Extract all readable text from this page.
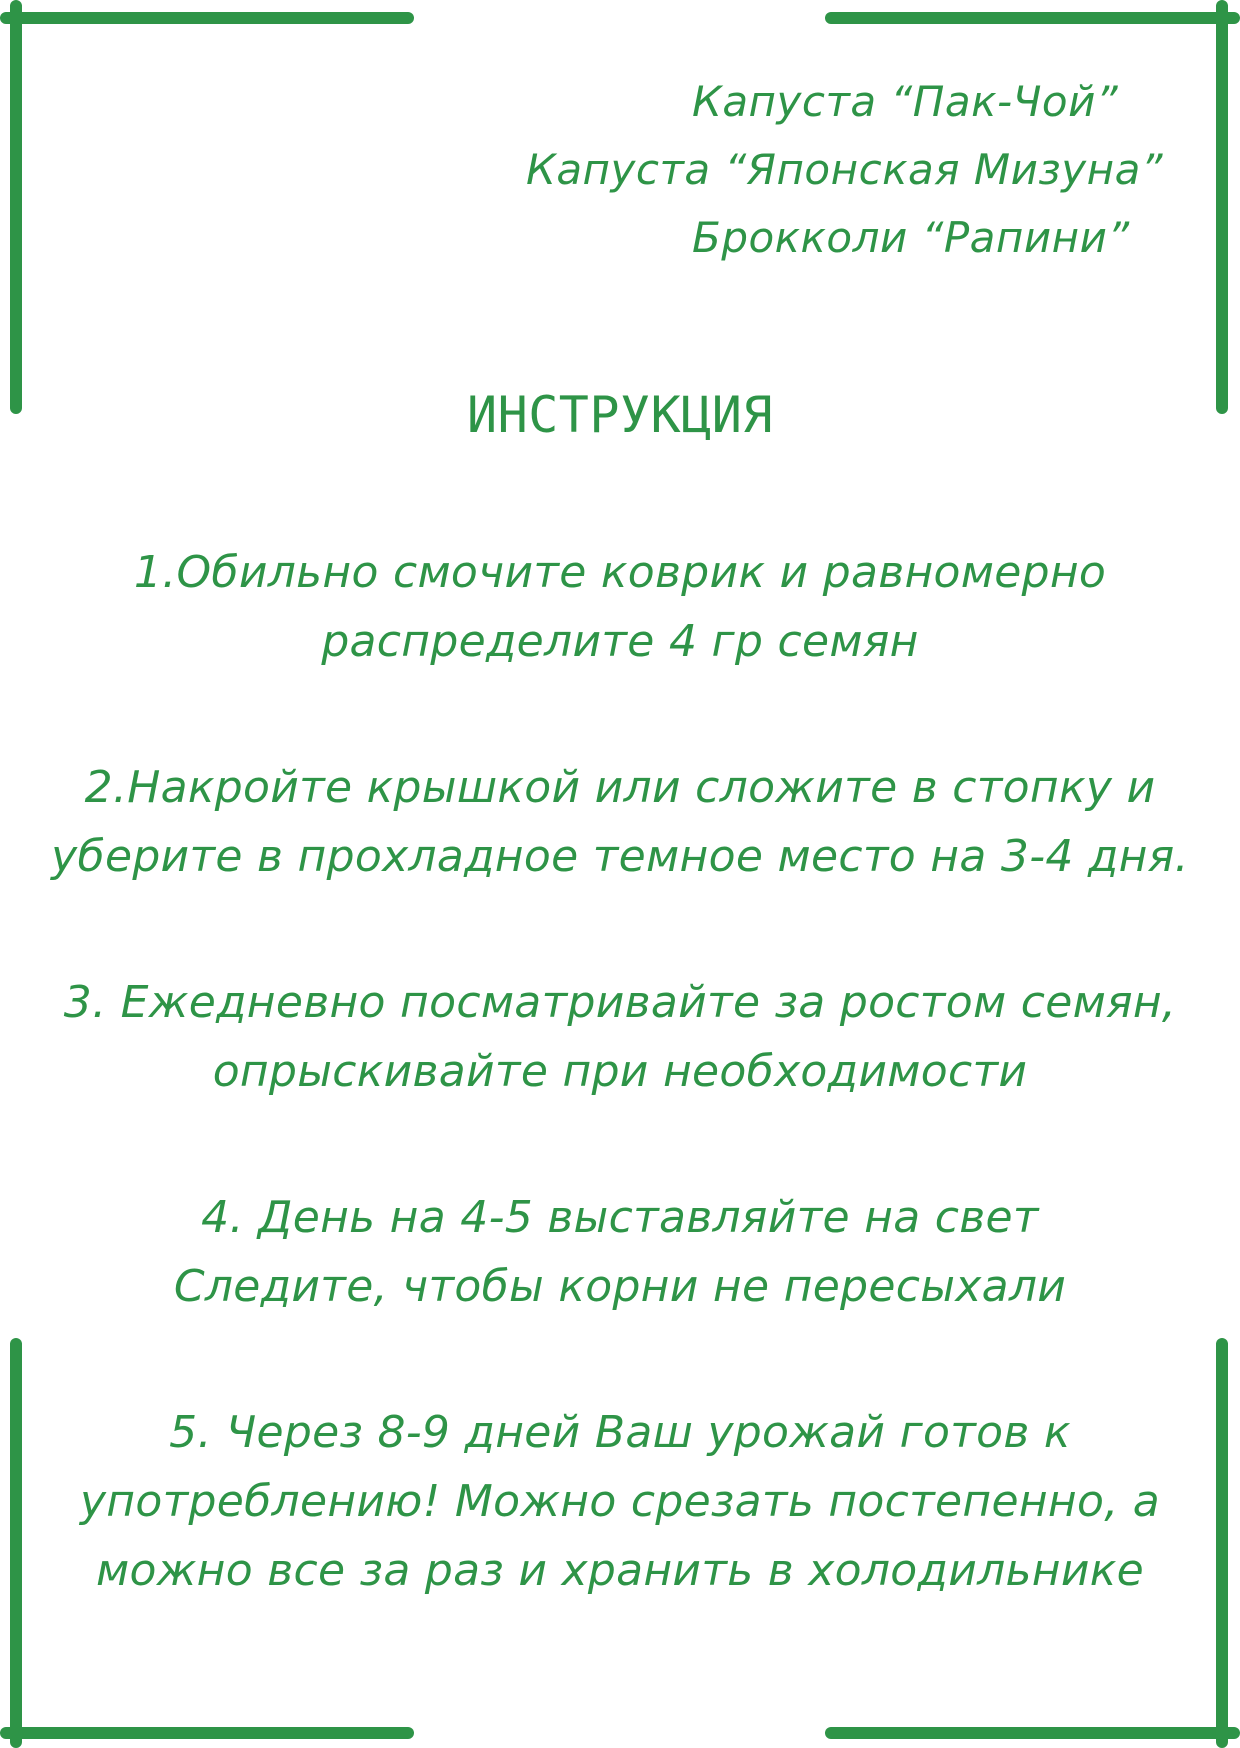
Капуста “Пак-Чой”
Капуста “Японская Мизуна”
Брокколи “Рапини”
ИНСТРУКЦИЯ
1.Обильно смочите коврик и равномерно
распределите 4 гр семян
2.Накройте крышкой или сложите в стопку и
уберите в прохладное темное место на 3-4 дня.
3. Ежедневно посматривайте за ростом семян,
опрыскивайте при необходимости
4. День на 4-5 выставляйте на свет
Следите, чтобы корни не пересыхали
5. Через 8-9 дней Ваш урожай готов к
употреблению! Можно срезать постепенно, а
можно все за раз и хранить в холодильнике
